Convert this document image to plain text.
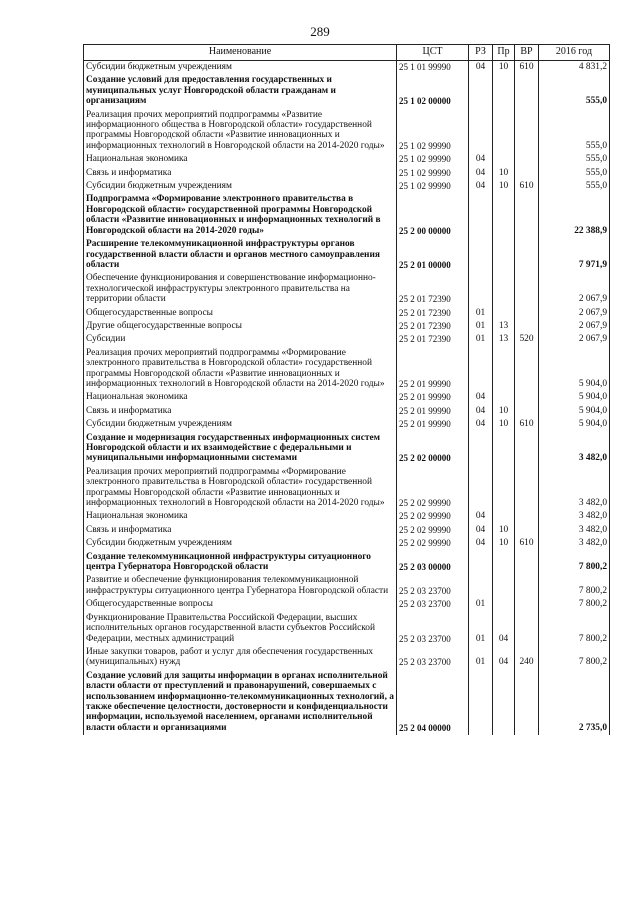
289
Наименование	ЦСТ	РЗ	Пр	ВР	2016 год
Субсидии бюджетным учреждениям	25 1 01 99990	04	10	610	4 831,2
Создание условий для предоставления государственных и муниципальных услуг Новгородской области гражданам и организациям	25 1 02 00000				555,0
Реализация прочих мероприятий подпрограммы «Развитие информационного общества в Новгородской области» государственной программы Новгородской области «Развитие инновационных и информационных технологий в Новгородской области на 2014-2020 годы»	25 1 02 99990				555,0
Национальная экономика	25 1 02 99990	04			555,0
Связь и информатика	25 1 02 99990	04	10		555,0
Субсидии бюджетным учреждениям	25 1 02 99990	04	10	610	555,0
Подпрограмма «Формирование электронного правительства в Новгородской области» государственной программы Новгородской области «Развитие инновационных и информационных технологий в Новгородской области на 2014-2020 годы»	25 2 00 00000				22 388,9
Расширение телекоммуникационной инфраструктуры органов государственной власти области и органов местного самоуправления области	25 2 01 00000				7 971,9
Обеспечение функционирования и совершенствование информационно-технологической инфраструктуры электронного правительства на территории области	25 2 01 72390				2 067,9
Общегосударственные вопросы	25 2 01 72390	01			2 067,9
Другие общегосударственные вопросы	25 2 01 72390	01	13		2 067,9
Субсидии	25 2 01 72390	01	13	520	2 067,9
Реализация прочих мероприятий подпрограммы «Формирование электронного правительства в Новгородской области» государственной программы Новгородской области «Развитие инновационных и информационных технологий в Новгородской области на 2014-2020 годы»	25 2 01 99990				5 904,0
Национальная экономика	25 2 01 99990	04			5 904,0
Связь и информатика	25 2 01 99990	04	10		5 904,0
Субсидии бюджетным учреждениям	25 2 01 99990	04	10	610	5 904,0
Создание и модернизация государственных информационных систем Новгородской области и их взаимодействие с федеральными и муниципальными информационными системами	25 2 02 00000				3 482,0
Реализация прочих мероприятий подпрограммы «Формирование электронного правительства в Новгородской области» государственной программы Новгородской области «Развитие инновационных и информационных технологий в Новгородской области на 2014-2020 годы»	25 2 02 99990				3 482,0
Национальная экономика	25 2 02 99990	04			3 482,0
Связь и информатика	25 2 02 99990	04	10		3 482,0
Субсидии бюджетным учреждениям	25 2 02 99990	04	10	610	3 482,0
Создание телекоммуникационной инфраструктуры ситуационного центра Губернатора Новгородской области	25 2 03 00000				7 800,2
Развитие и обеспечение функционирования телекоммуникационной инфраструктуры ситуационного центра Губернатора Новгородской области	25 2 03 23700				7 800,2
Общегосударственные вопросы	25 2 03 23700	01			7 800,2
Функционирование Правительства Российской Федерации, высших исполнительных органов государственной власти субъектов Российской Федерации, местных администраций	25 2 03 23700	01	04		7 800,2
Иные закупки товаров, работ и услуг для обеспечения государственных (муниципальных) нужд	25 2 03 23700	01	04	240	7 800,2
Создание условий для защиты информации в органах исполнительной власти области от преступлений и правонарушений, совершаемых с использованием информационно-телекоммуникационных технологий, а также обеспечение целостности, достоверности и конфиденциальности информации, используемой населением, органами исполнительной власти области и организациями	25 2 04 00000				2 735,0
